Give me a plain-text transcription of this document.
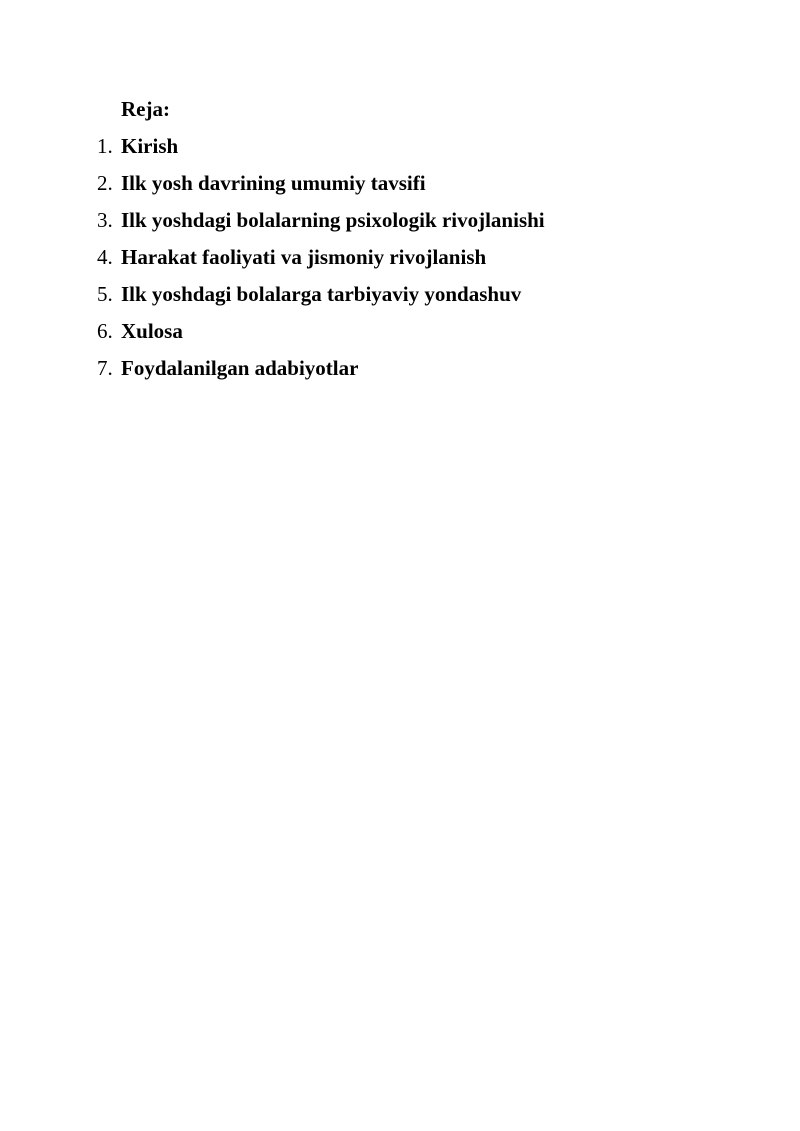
Reja:

1. Kirish
2. Ilk yosh davrining umumiy tavsifi
3. Ilk yoshdagi bolalarning psixologik rivojlanishi
4. Harakat faoliyati va jismoniy rivojlanish
5. Ilk yoshdagi bolalarga tarbiyaviy yondashuv
6. Xulosa
7. Foydalanilgan adabiyotlar
